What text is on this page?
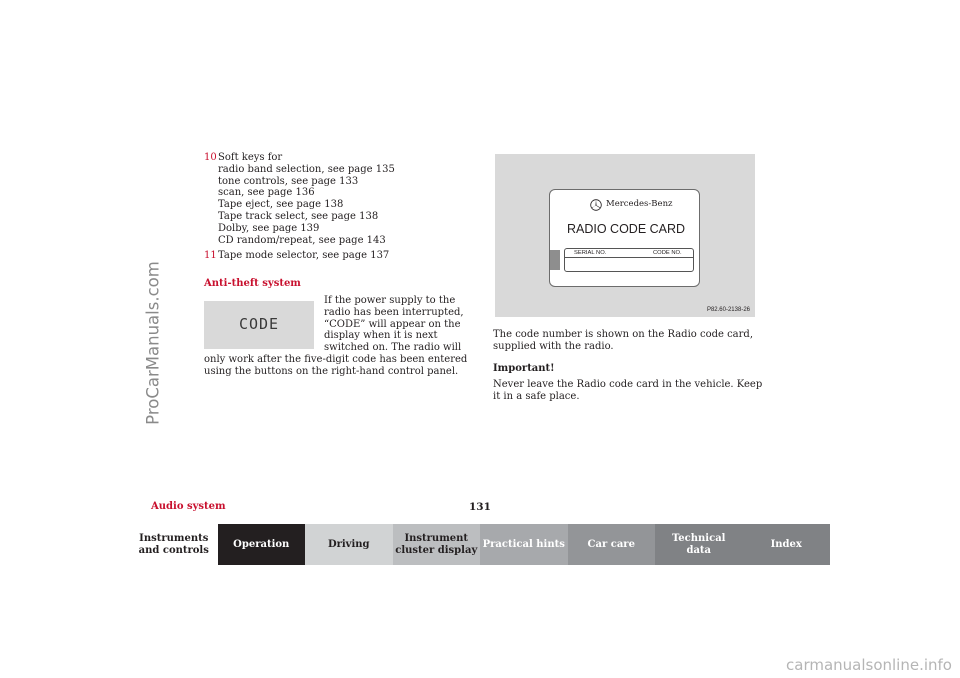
ProCarManuals.com
10 Soft keys for
radio band selection, see page 135
tone controls, see page 133
scan, see page 136
Tape eject, see page 138
Tape track select, see page 138
Dolby, see page 139
CD random/repeat, see page 143
11 Tape mode selector, see page 137
Anti-theft system
CODE
If the power supply to the
radio has been interrupted,
“CODE” will appear on the
display when it is next
switched on. The radio will
only work after the five-digit code has been entered
using the buttons on the right-hand control panel.
Mercedes-Benz
RADIO CODE CARD
SERIAL NO.	CODE NO.
P82.60-2138-26

The code number is shown on the Radio code card, supplied with the radio.

Important!

Never leave the Radio code card in the vehicle. Keep it in a safe place.

Audio system	131
Instruments
and controls
Operation	Driving
Instrument
cluster display
Practical hints Car care
Technical
data
Index
carmanualsonline.info
